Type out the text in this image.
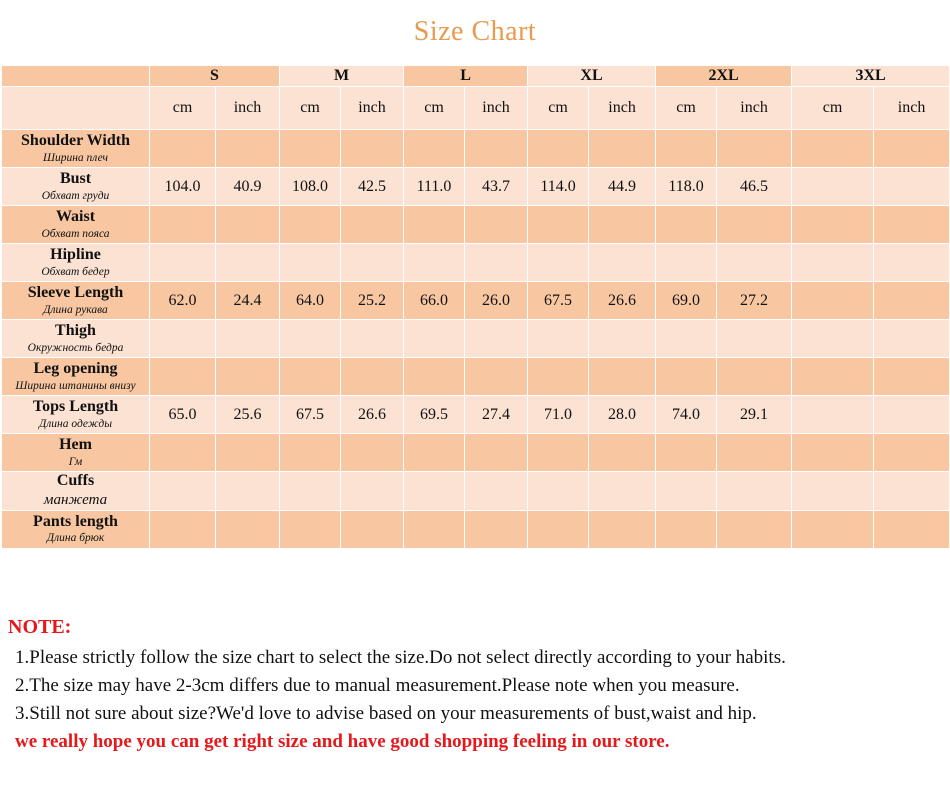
Size Chart
	S		M		L		XL		2XL		3XL	
	cm	inch	cm	inch	cm	inch	cm	inch	cm	inch	cm	inch

Shoulder Width
Ширина плеч												

Bust
Обхват груди	104.0	40.9	108.0	42.5	111.0	43.7	114.0	44.9	118.0	46.5		

Waist
Обхват пояса												

Hipline
Обхват бедер												

Sleeve Length
Длина рукава	62.0	24.4	64.0	25.2	66.0	26.0	67.5	26.6	69.0	27.2		

Thigh
Окружность бедра												

Leg opening
Ширина штанины внизу												

Tops Length
Длина одежды	65.0	25.6	67.5	26.6	69.5	27.4	71.0	28.0	74.0	29.1		

Hem
Гм												

Cuffs
манжета												

Pants length
Длина брюк												

NOTE:
1.Please strictly follow the size chart to select the size.Do not select directly according to your habits.
2.The size may have 2-3cm differs due to manual measurement.Please note when you measure.
3.Still not sure about size?We'd love to advise based on your measurements of bust,waist and hip.
we really hope you can get right size and have good shopping feeling in our store.
